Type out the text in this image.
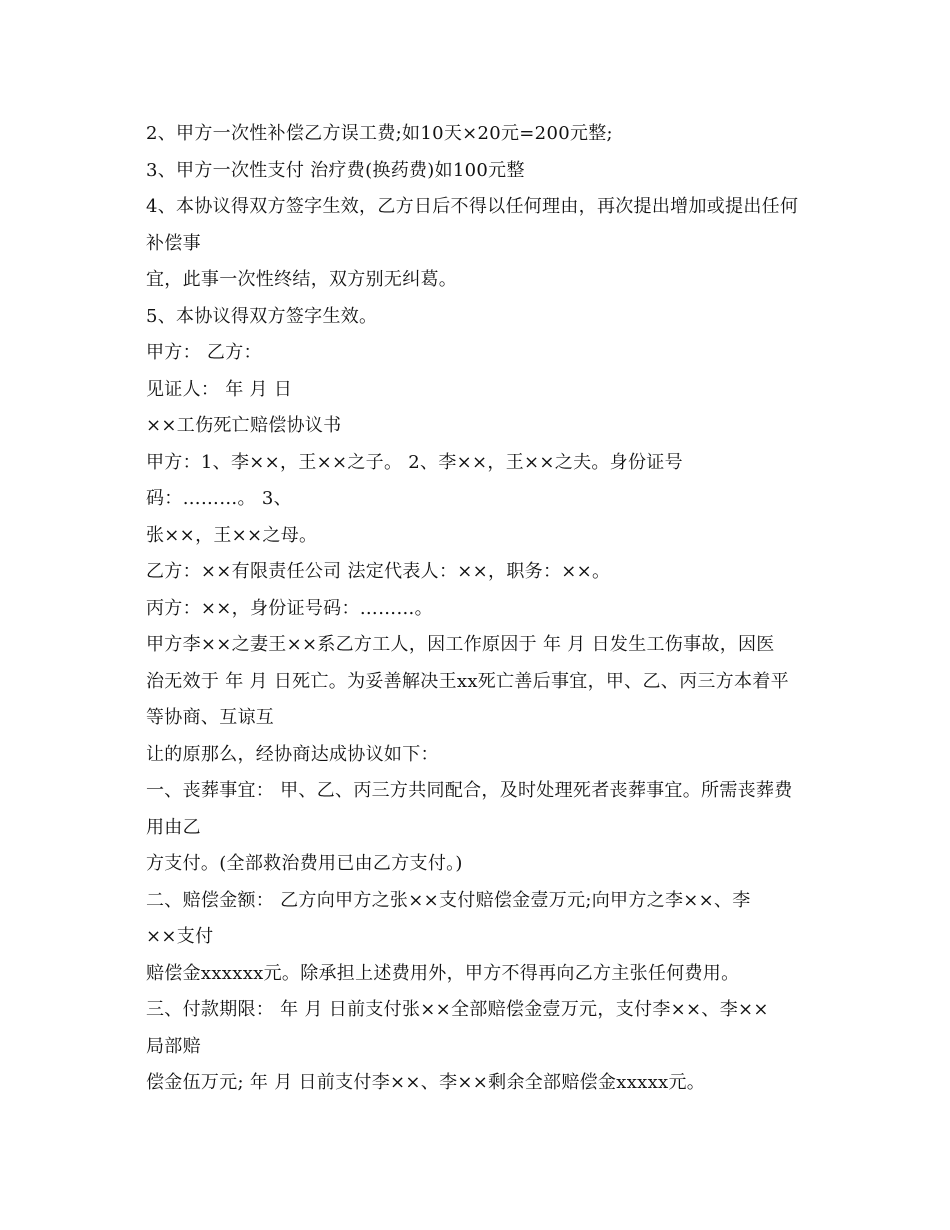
2、甲方一次性补偿乙方误工费;如10天×20元=200元整;
3、甲方一次性支付 治疗费(换药费)如100元整
4、本协议得双方签字生效，乙方日后不得以任何理由，再次提出增加或提出任何
补偿事
宜，此事一次性终结，双方别无纠葛。
5、本协议得双方签字生效。
甲方： 乙方：
见证人： 年 月 日
××工伤死亡赔偿协议书
甲方：1、李××，王××之子。 2、李××，王××之夫。身份证号
码：………。 3、
张××，王××之母。
乙方：××有限责任公司 法定代表人：××，职务：××。
丙方：××，身份证号码：………。
甲方李××之妻王××系乙方工人，因工作原因于 年 月 日发生工伤事故，因医
治无效于 年 月 日死亡。为妥善解决王xx死亡善后事宜，甲、乙、丙三方本着平
等协商、互谅互
让的原那么，经协商达成协议如下：
一、丧葬事宜： 甲、乙、丙三方共同配合，及时处理死者丧葬事宜。所需丧葬费
用由乙
方支付。(全部救治费用已由乙方支付。)
二、赔偿金额： 乙方向甲方之张××支付赔偿金壹万元;向甲方之李××、李
××支付
赔偿金xxxxxx元。除承担上述费用外，甲方不得再向乙方主张任何费用。
三、付款期限： 年 月 日前支付张××全部赔偿金壹万元，支付李××、李××
局部赔
偿金伍万元; 年 月 日前支付李××、李××剩余全部赔偿金xxxxx元。
